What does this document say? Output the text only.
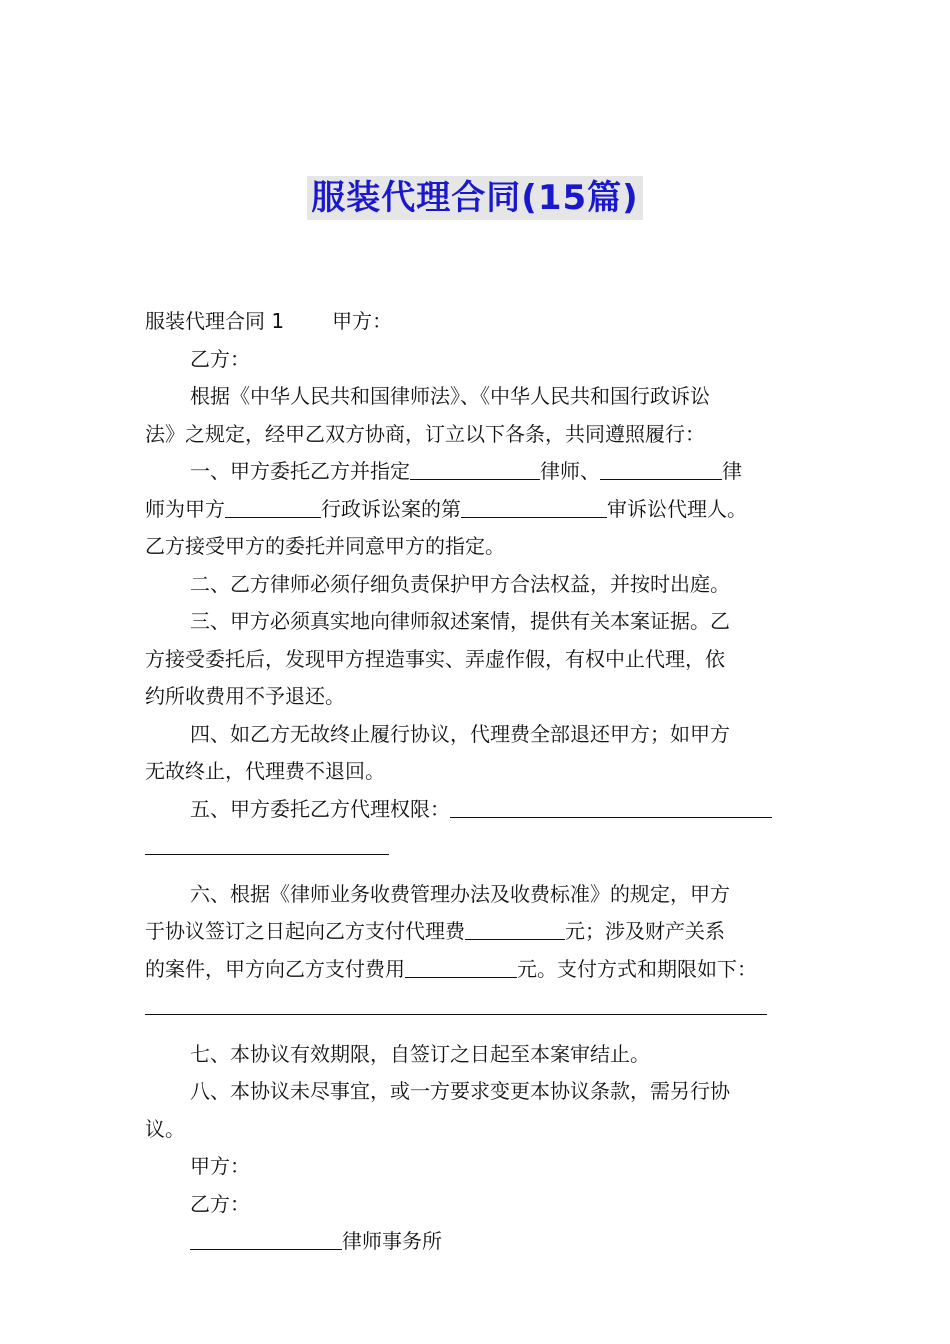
服装代理合同(15篇)
服装代理合同 1 甲方：
乙方：
根据《中华人民共和国律师法》、《中华人民共和国行政诉讼
法》之规定，经甲乙双方协商，订立以下各条，共同遵照履行：
一、甲方委托乙方并指定	律师、	律
师为甲方	行政诉讼案的第	审诉讼代理人。
乙方接受甲方的委托并同意甲方的指定。
二、乙方律师必须仔细负责保护甲方合法权益，并按时出庭。
三、甲方必须真实地向律师叙述案情，提供有关本案证据。乙
方接受委托后，发现甲方捏造事实、弄虚作假，有权中止代理，依
约所收费用不予退还。
四、如乙方无故终止履行协议，代理费全部退还甲方；如甲方
无故终止，代理费不退回。
五、甲方委托乙方代理权限：
六、根据《律师业务收费管理办法及收费标准》的规定，甲方
于协议签订之日起向乙方支付代理费	元；涉及财产关系
的案件，甲方向乙方支付费用	元。支付方式和期限如下：
七、本协议有效期限，自签订之日起至本案审结止。
八、本协议未尽事宜，或一方要求变更本协议条款，需另行协
议。
甲方：
乙方：
律师事务所
